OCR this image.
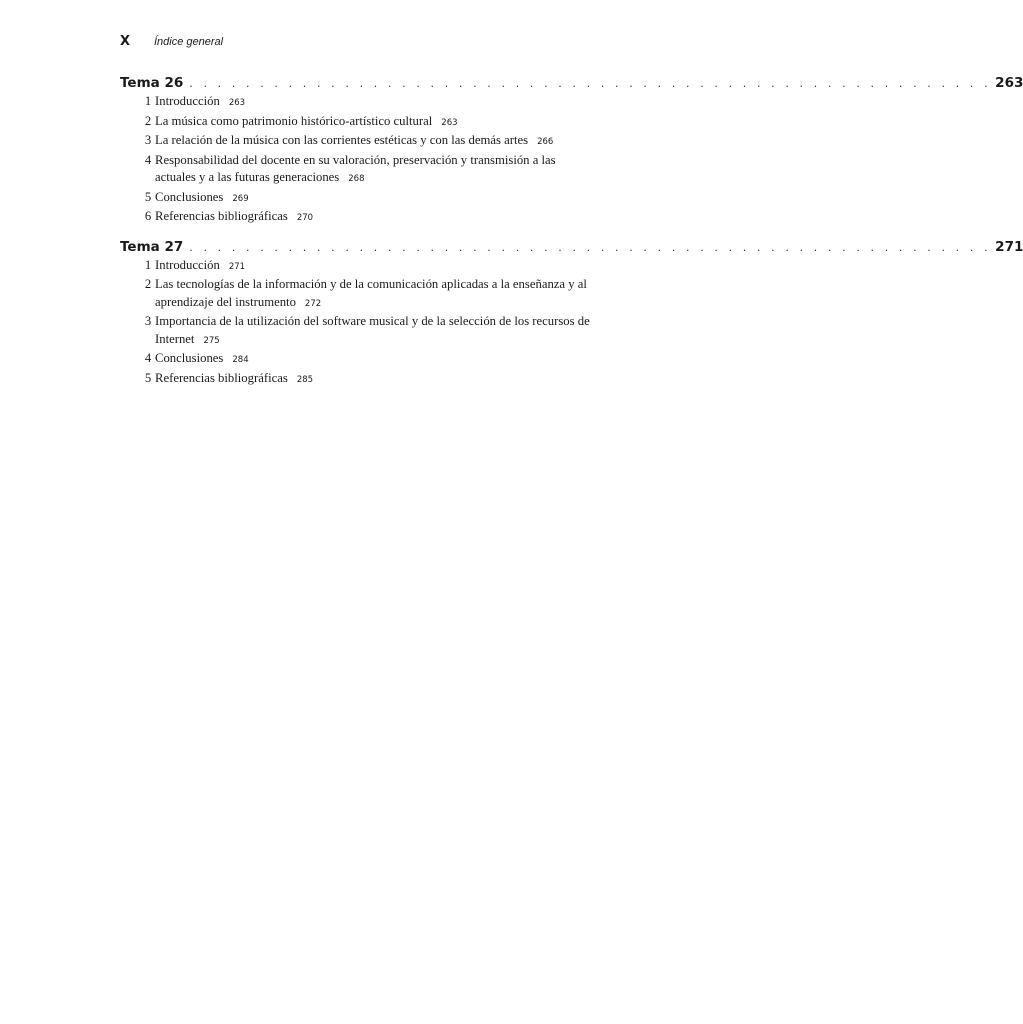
X	Índice general
Tema 26 . . . . . . . . . . . . . . . . . . . . . . . . . . . . . . . . . . . . . . . . . . . . . . . . . . . . . . . . . 263
1 Introducción 263
2 La música como patrimonio histórico-artístico cultural 263
3 La relación de la música con las corrientes estéticas y con las demás artes 266
4 Responsabilidad del docente en su valoración, preservación y transmisión a las actuales y a las futuras generaciones 268
5 Conclusiones 269
6 Referencias bibliográficas 270
Tema 27 . . . . . . . . . . . . . . . . . . . . . . . . . . . . . . . . . . . . . . . . . . . . . . . . . . . . . . . . . 271
1 Introducción 271
2 Las tecnologías de la información y de la comunicación aplicadas a la enseñanza y al aprendizaje del instrumento 272
3 Importancia de la utilización del software musical y de la selección de los recursos de Internet 275
4 Conclusiones 284
5 Referencias bibliográficas 285
